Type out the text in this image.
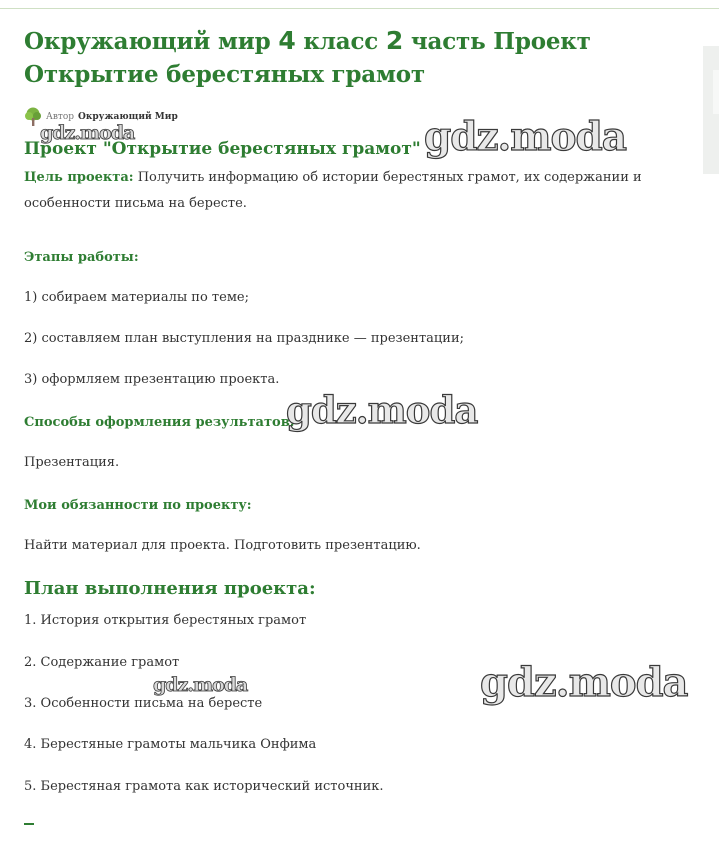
Окружающий мир 4 класс 2 часть Проект Открытие берестяных грамот
Автор Окружающий Мир
Проект "Открытие берестяных грамот"

Цель проекта: Получить информацию об истории берестяных грамот, их содержании и особенности письма на бересте.

Этапы работы:

1) собираем материалы по теме;

2) составляем план выступления на празднике — презентации;

3) оформляем презентацию проекта.

Способы оформления результатов:

Презентация.

Мои обязанности по проекту:

Найти материал для проекта. Подготовить презентацию.

План выполнения проекта:

1. История открытия берестяных грамот

2. Содержание грамот

3. Особенности письма на бересте

4. Берестяные грамоты мальчика Онфима

5. Берестяная грамота как исторический источник.

gdz.moda	gdz.moda
gdz.moda
gdz.moda	gdz.moda
